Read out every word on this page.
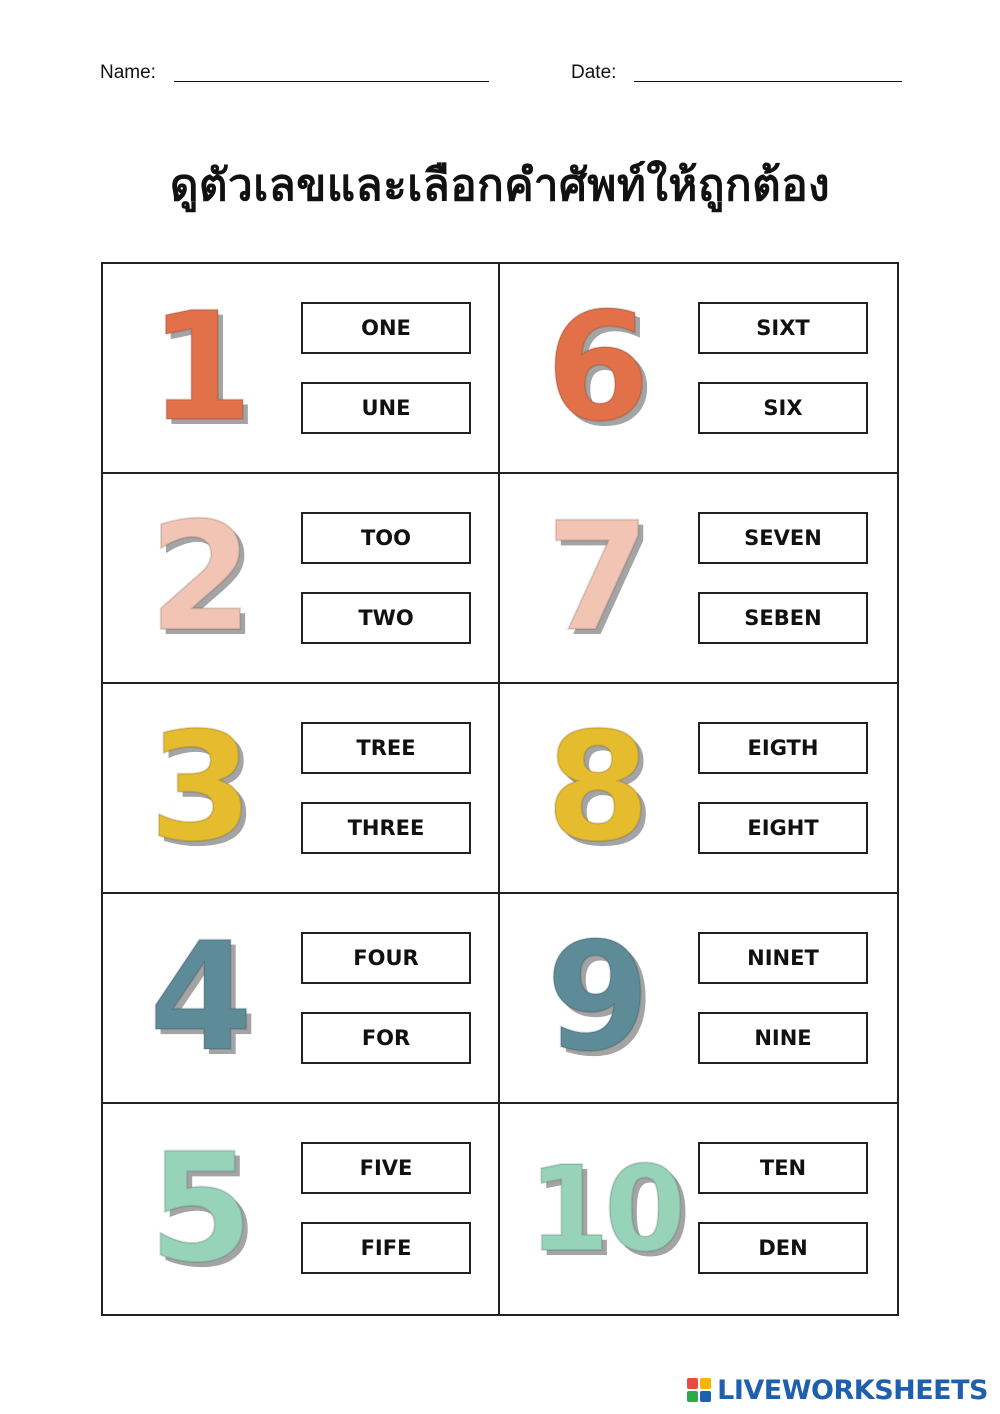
Name:	Date:
ดูตัวเลขและเลือกคำศัพท์ให้ถูกต้อง
1	ONE
UNE 6	SIXT
SIX
2	TOO
TWO 7	SEVEN
SEBEN
3	TREE
THREE 8	EIGTH
EIGHT
4	FOUR
FOR 9	NINET
NINE
5	FIVE
FIFE 10	TEN
DEN
LIVEWORKSHEETS
